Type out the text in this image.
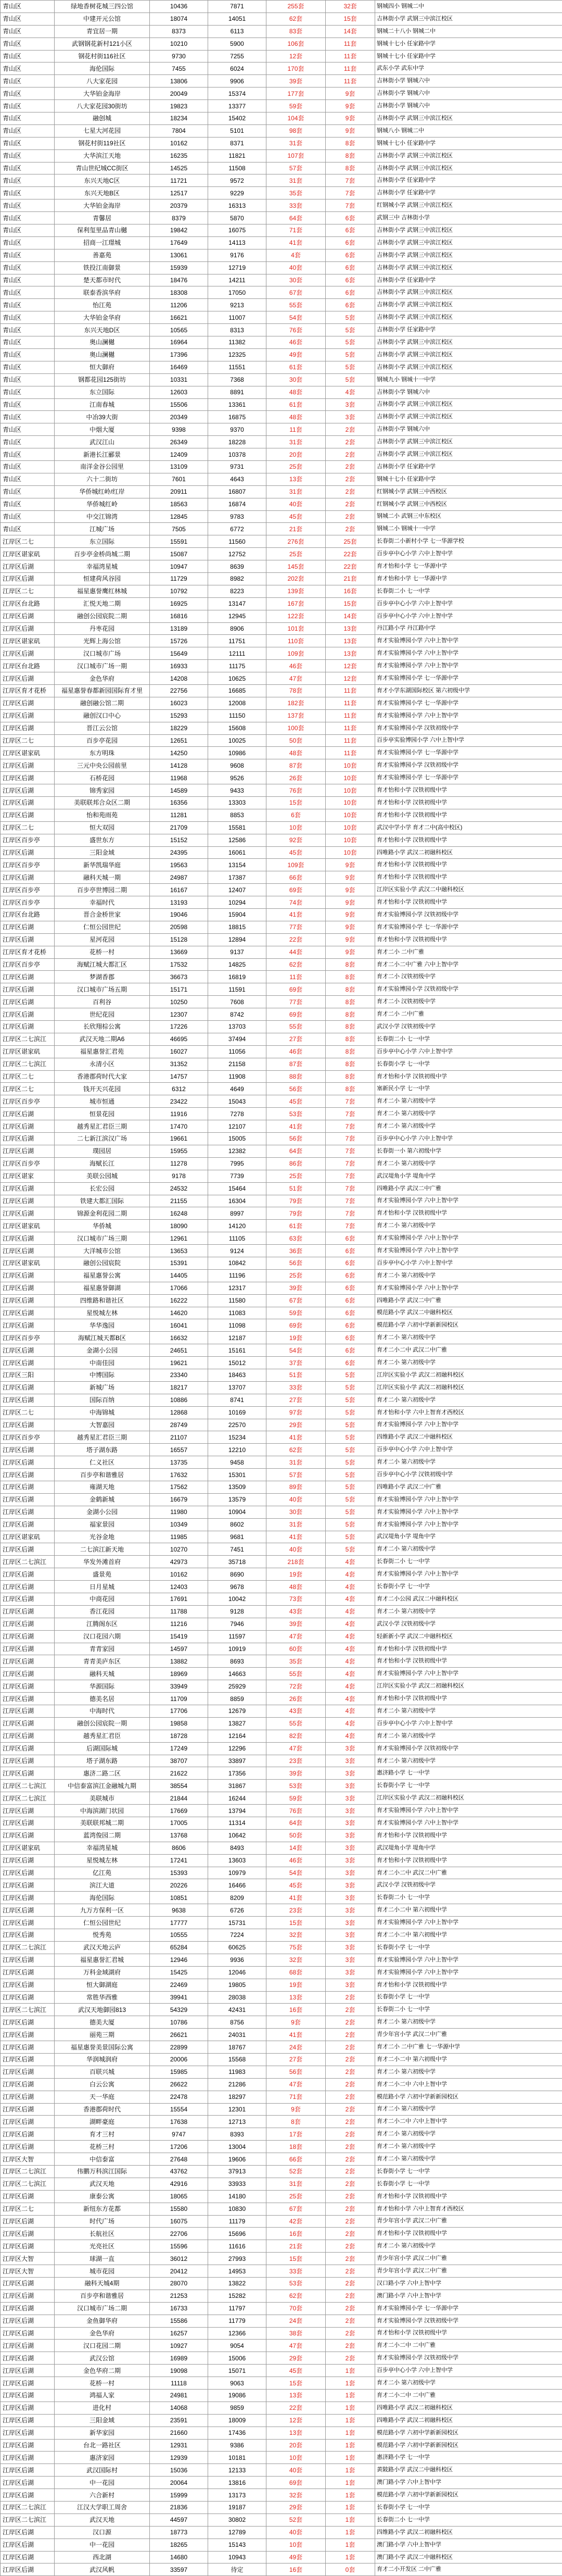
青山区	绿地香树花城三四公馆	10436	7871	255套	32套	钢城四小 钢城二中
青山区	中建开元公馆	18074	14051	62套	15套	吉林街小学 武钢三中滨江校区
青山区	青宜居一期	8373	6113	83套	14套	钢城二十八小 钢城二中
青山区	武钢钢花新村121小区	10210	5900	106套	11套	钢城十七小 任家路中学
青山区	钢花村街116社区	9730	7255	12套	11套	钢城十七小 任家路中学
青山区	海伦国际	7455	6024	170套	11套	武东小学 武东中学
青山区	八大家花园	13806	9906	39套	11套	吉林街小学 钢城六中
青山区	大华铂金海岸	20049	15374	177套	9套	吉林街小学 钢城六中
青山区	八大家花园30街坊	19823	13377	59套	9套	吉林街小学 钢城六中
青山区	融创城	18234	15402	104套	9套	吉林街小学 武钢三中滨江校区
青山区	七星大河花园	7804	5101	98套	9套	钢城八小 钢城二中
青山区	钢花村街119社区	10162	8371	31套	8套	钢城十七小 任家路中学
青山区	大华滨江天地	16235	11821	107套	8套	吉林街小学 武钢三中滨江校区
青山区	青山世纪城CC街区	14525	11508	57套	8套	吉林街小学 武钢三中滨江校区
青山区	东兴天地C区	11721	9572	31套	7套	吉林街小学 任家路中学
青山区	东兴天地B区	12517	9229	35套	7套	吉林街小学 任家路中学
青山区	大华铂金海岸	20379	16313	33套	7套	红钢城小学 武钢三中滨江校区
青山区	青馨居	8379	5870	64套	6套	武钢三中 吉林街小学
青山区	保利玺里品青山樾	19842	16075	71套	6套	吉林街小学 武钢三中滨江校区
青山区	招商一江璟城	17649	14113	41套	6套	吉林街小学 武钢三中滨江校区
青山区	善嘉苑	13061	9176	4套	6套	吉林街小学 武钢三中滨江校区
青山区	铁投江南御景	15939	12719	40套	6套	吉林街小学 武钢三中滨江校区
青山区	楚天都市时代	18476	14211	30套	6套	吉林街小学 任家路中学
青山区	联泰香滨华府	18308	17050	67套	6套	吉林街小学 武钢三中滨江校区
青山区	怡江苑	11206	9213	55套	6套	吉林街小学 武钢三中滨江校区
青山区	大华铂金华府	16621	11007	54套	5套	吉林街小学 武钢三中滨江校区
青山区	东兴天地D区	10565	8313	76套	5套	吉林街小学 任家路中学
青山区	奥山澜樾	16964	11382	46套	5套	吉林街小学 武钢三中滨江校区
青山区	奥山澜樾	17396	12325	49套	5套	吉林街小学 武钢三中滨江校区
青山区	恒大御府	16469	11551	61套	5套	吉林街小学 武钢三中滨江校区
青山区	钢都花园125街坊	10331	7368	30套	5套	钢城九小 钢城十一中学
青山区	东立国际	12603	8891	48套	4套	吉林街小学 钢城六中
青山区	江南春城	15506	13361	61套	3套	吉林街小学 武钢三中滨江校区
青山区	中冶39大街	20349	16875	48套	3套	吉林街小学 武钢三中滨江校区
青山区	中烟大厦	9398	9370	11套	2套	吉林街小学 钢城六中
青山区	武汉江山	26349	18228	31套	2套	吉林街小学 武钢三中滨江校区
青山区	新港长江郦景	12409	10378	20套	2套	吉林街小学 武钢三中滨江校区
青山区	南洋金谷公园里	13109	9731	25套	2套	吉林街小学 任家路中学
青山区	六十二街坊	7601	4643	13套	2套	钢城十七小 任家路中学
青山区	华侨城红岭/红岸	20911	16807	31套	2套	红钢城小学 武钢三中西校区
青山区	华侨城红岭	18563	16874	40套	2套	红钢城小学 武钢三中西校区
青山区	中交江锦湾	12845	9783	45套	2套	钢城二小 武钢三中东校区
青山区	江城广场	7505	6772	21套	2套	钢城二小 钢城十一中学
江岸区二七	东立国际	15591	11560	276套	25套	长春街二小新村小学 七一华源学校
江岸区谌家矶	百步亭金桥尚城二期	15087	12752	25套	22套	百步亭中心小学 六中上智中学
江岸区后湖	幸福湾星城	10947	8639	145套	22套	育才怡和小学 七一华源中学
江岸区后湖	恒建荷风谷园	11729	8982	202套	21套	育才怡和小学 七一华源中学
江岸区二七	福星惠誉鹰红林城	10792	8223	139套	16套	长春街二小 七一中学
江岸区台北路	汇悦天地二期	16925	13147	167套	15套	百步亭中心小学 六中上智中学
江岸区后湖	融创公园宸院二期	16816	12945	122套	14套	百步亭中心小学 六中上智中学
江岸区后湖	丹枣花园	13189	8906	101套	13套	丹江路小学 丹江路中学
江岸区谌家矶	光辉上海公馆	15726	11751	110套	13套	育才实验博园小学 六中上智中学
江岸区后湖	汉口城市广场	15649	12111	109套	13套	育才实验博园小学 六中上智中学
江岸区台北路	汉口城市广场一期	16933	11175	46套	12套	育才实验博园小学 六中上智中学
江岸区后湖	金色华府	14208	10625	47套	12套	育才实验博园小学 七一华源中学
江岸区育才花桥	福星惠誉春都新园国际育才里	22756	16685	78套	11套	育才小学东湖国际校区 第六初级中学
江岸区后湖	融创融公馆二期	16023	12008	182套	11套	育才实验博园小学 七一华源中学
江岸区后湖	融创汉口中心	15293	11150	137套	11套	育才实验博园小学 六中上智中学
江岸区后湖	晋江云公馆	18229	15608	100套	11套	育才实验博园小学 汉铁初级中学
江岸区二七	百步亭花园	12651	10025	50套	11套	百步亭实验博园小学 六中上智中学
江岸区谌家矶	东方明珠	14250	10986	48套	11套	育才实验博园小学 七一华源中学
江岸区后湖	三元中央公园前里	14128	9608	87套	10套	育才实验博园小学 汉铁初级中学
江岸区后湖	石桥花园	11968	9526	26套	10套	育才实验博园小学 七一华源中学
江岸区后湖	锦秀家园	14589	9433	76套	10套	育才怡和小学 汉铁初级中学
江岸区后湖	美联联邦合众区二期	16356	13303	15套	10套	育才怡和小学 汉铁初级中学
江岸区后湖	怡和苑雨苑	11281	8853	6套	10套	育才怡和小学 汉铁初级中学
江岸区二七	恒大双园	21709	15581	10套	10套	武汉中学小学 育才二中(高中校区)
江岸区百步亭	盛世东方	15152	12586	92套	10套	育才怡和小学 汉铁初级中学
江岸区后湖	三阳金域	24395	16061	45套	10套	四唯路小学 武汉二初融科校区
江岸区百步亭	新华凯瑞华庭	19563	13154	109套	9套	育才怡和小学 汉铁初级中学
江岸区后湖	融科天城一期	24987	17387	66套	9套	育才怡和小学 汉铁初级中学
江岸区百步亭	百步亭世博园二期	16167	12407	69套	9套	江岸区实验小学 武汉二中融科校区
江岸区百步亭	幸福时代	13193	10294	74套	9套	育才怡和小学 汉铁初级中学
江岸区台北路	晋合金桥世家	19046	15904	41套	9套	育才实验博园小学 汉铁初级中学
江岸区后湖	仁恒公园世纪	20598	18815	77套	9套	育才实验博园小学 七一华源中学
江岸区后湖	星河花园	15128	12894	22套	9套	育才怡和小学 汉铁初级中学
江岸区育才花桥	花桥一村	13669	9137	44套	9套	育才二小 二中广雅
江岸区百步亭	海赋江城大都汇区	17532	14825	62套	8套	育才二小二中广雅 六中上智中学
江岸区后湖	梦湖香郡	36673	16819	11套	8套	育才二小 汉铁初级中学
江岸区后湖	汉口城市广场五期	15171	11591	69套	8套	育才实验博园小学 汉铁初级中学
江岸区后湖	百利谷	10250	7608	77套	8套	育才二小 汉铁初级中学
江岸区后湖	世纪花园	12307	8742	69套	8套	育才二小 二中广雅
江岸区后湖	长欣翔棕公寓	17226	13703	55套	8套	武汉小学 汉铁初级中学
江岸区二七滨江	武汉天地二期A6	46695	37494	27套	8套	长春街二小 七一中学
江岸区谌家矶	福星惠誉汇君苑	16027	11056	46套	8套	百步亭中心小学 六中上智中学
江岸区二七滨江	永清小区	31352	21158	87套	8套	长春街小学 七一中学
江岸区二七	香港郡荷时代大家	14757	11908	88套	8套	育才怡和小学 汉铁初级中学
江岸区二七	钱开天兴花园	6312	4649	56套	8套	塞新民小学 七一中学
江岸区百步亭	城市恒通	23422	15043	45套	7套	育才二小 第六初级中学
江岸区后湖	恒景花园	11916	7278	53套	7套	育才二小 第六初级中学
江岸区后湖	越秀星汇君臣三期	17470	12107	41套	7套	育才二小 第六初级中学
江岸区后湖	二七新江滨汉广场	19661	15005	56套	7套	百步亭中心小学 六中上智中学
江岸区后湖	璞园居	15955	12382	64套	7套	长春街一小 第六初级中学
江岸区百步亭	海赋长江	11278	7995	86套	7套	育才二小 第六初级中学
江岸区谌家	美联公园城	9178	7739	25套	7套	武汉堤角小学 堤角中学
江岸区后湖	长宏公园	24532	15464	51套	7套	四唯路小学 武汉二中广雅
江岸区后湖	铁建大都汇国际	21155	16304	79套	7套	育才实验博园小学 六中上智中学
江岸区后湖	锦源金利花园二期	16248	8997	79套	7套	育才怡和小学 汉铁初级中学
江岸区谌家矶	华侨城	18090	14120	61套	7套	育才二小 第六初级中学
江岸区后湖	汉口城市广场三期	12961	11105	63套	6套	育才实验博园小学 六中上智中学
江岸区后湖	大洋城市公馆	13653	9124	36套	6套	育才实验博园小学 六中上智中学
江岸区谌家矶	融创公园宸院	15391	10842	56套	6套	百步亭中心小学 六中上智中学
江岸区后湖	福星惠誉公寓	14405	11196	25套	6套	育才二小 第六初级中学
江岸区后湖	福星惠誉御湖	17066	12317	39套	6套	育才实验博园小学 六中上智中学
江岸区后湖	四维路和谐社区	16222	11580	67套	6套	四唯路小学 武汉二中广雅
江岸区后湖	星悦城左林	14620	11083	59套	6套	模范路小学 武汉二中融科校区
江岸区后湖	华华逸园	16041	11098	69套	6套	模范路小学 六初中学新新园校区
江岸区百步亭	海赋江城天都B区	16632	12187	19套	6套	育才二小 第六初级中学
江岸区后湖	金湖小公园	24651	15161	54套	6套	育才二小二中 武汉二中广雅
江岸区后湖	中南佳园	19621	15012	37套	6套	育才二小 第六初级中学
江岸区三阳	中博国际	23340	18463	51套	5套	江岸区实验小学 武汉二初融科校区
江岸区后湖	新城广场	18217	13707	33套	5套	江岸区实验小学 武汉二初融科校区
江岸区后湖	国际百纳	10886	8741	27套	5套	育才二小 第六初级中学
江岸区二七	中海锦城	12868	10169	97套	5套	育才怡和小学 六中上智育才西校区
江岸区后湖	大智嘉园	28749	22570	29套	5套	育才实验博园小学 六中上智中学
江岸区百步亭	越秀星汇君臣三期	21107	15234	41套	5套	四维路小学 武汉二中融科校区
江岸区后湖	塔子湖东路	16557	12210	62套	5套	百步亭中心小学 六中上智中学
江岸区后湖	仁义社区	13735	9458	31套	5套	育才二小 第六初级中学
江岸区后湖	百步亭和谐雅居	17632	15301	57套	5套	百步亭中心小学 汉铁初级中学
江岸区后湖	雍湖天地	17562	13509	89套	5套	四唯路小学 武汉二中广雅
江岸区后湖	金鹤新城	16679	13579	40套	5套	育才实验博园小学 六中上智中学
江岸区后湖	金湖小公园	11980	10904	30套	5套	育才实验博园小学 六中上智中学
江岸区后湖	福家景园	10349	8602	31套	5套	育才实验博园小学 六中上智中学
江岸区谌家矶	光谷金地	11985	9681	41套	5套	武汉堤角小学 堤角中学
江岸区后湖	二七滨江新天地	10270	7451	40套	5套	育才二小 第六初级中学
江岸区二七滨江	华发外滩首府	42973	35718	218套	4套	长春街二小 七一中学
江岸区后湖	盛景苑	10162	8690	19套	4套	育才实验博园小学 六中上智中学
江岸区后湖	日月星城	12403	9678	48套	4套	长春街小学 七一中学
江岸区后湖	中商花园	17691	10042	73套	4套	育才二小公园 武汉二中融科校区
江岸区后湖	香江花园	11788	9128	43套	4套	育才二小 第六初级中学
江岸区后湖	江腾阁东区	11216	7946	39套	4套	武汉小学 汉铁初级中学
江岸区后湖	汉口花园六期	15419	11597	47套	4套	轻新新小学 武汉二中融科校区
江岸区后湖	青青家园	14597	10919	60套	4套	育才怡和小学 汉铁初级中学
江岸区后湖	青青美庐东区	13882	8693	35套	4套	育才怡和小学 汉铁初级中学
江岸区后湖	融科天城	18969	14663	55套	4套	育才实验博园小学 六中上智中学
江岸区后湖	华源国际	33949	25929	72套	4套	江岸区实验小学 武汉二初融科校区
江岸区后湖	德美名居	11709	8859	26套	4套	育才怡和小学 汉铁初级中学
江岸区后湖	中海时代	17706	12679	43套	4套	育才二小 第六初级中学
江岸区后湖	融创公园宸院一期	19858	13827	55套	4套	百步亭中心小学 六中上智中学
江岸区后湖	越秀星汇君臣	18728	12164	82套	4套	育才二小 第六初级中学
江岸区后湖	后湖国际城	17249	12296	47套	3套	育才实验博园小学 汉铁初级中学
江岸区后湖	塔子湖东路	38707	33897	23套	3套	育才二小 第六初级中学
江岸区后湖	惠济二路二区	21622	17356	39套	3套	惠济路小学 七一中学
江岸区二七滨江	中信泰富滨江金融城九期	38554	31867	53套	3套	长春街小学 七一中学
江岸区二七滨江	美联城市	21844	16244	59套	3套	江岸区实验小学 武汉二初融科校区
江岸区后湖	中海滨湖门状园	17669	13794	76套	3套	育才实验博园小学 六中上智中学
江岸区后湖	美联联邦城二期	17005	11314	64套	3套	育才实验博园小学 六中上智中学
江岸区后湖	蓝湾俊园二期	13768	10642	50套	3套	育才怡和小学 汉铁初级中学
江岸区谌家矶	幸福湾星城	8606	8493	14套	3套	武汉堤角小学 堤角中学
江岸区后湖	星悦城左林	17241	13603	46套	3套	育才怡和小学 汉铁初级中学
江岸区后湖	亿江苑	15393	10979	54套	3套	育才二小二中 武汉二中广雅
江岸区后湖	滨江大道	20226	16466	45套	3套	武汉小学 汉铁初级中学
江岸区后湖	海伦国际	10851	8209	41套	3套	长春街二小 七一中学
江岸区后湖	九万方保利一区	9638	6726	23套	3套	育才二小二中 第六初级中学
江岸区后湖	仁恒公园世纪	17777	15731	15套	3套	育才实验博园小学 六中上智中学
江岸区后湖	悦秀苑	10555	7224	32套	3套	育才二小二中 第六初级中学
江岸区二七滨江	武汉天地云庐	65284	60625	75套	3套	长春街小学 七一中学
江岸区后湖	福星惠誉汇君城	12946	9936	32套	3套	育才实验博园小学 六中上智中学
江岸区后湖	万科金域湖府	15425	12046	68套	3套	育才实验博园小学 六中上智中学
江岸区后湖	恒大御湖庭	22469	19805	19套	3套	育才怡和小学 汉铁初级中学
江岸区后湖	常胜华西雅	39941	28038	13套	2套	长春街小学 七一中学
江岸区二七滨江	武汉天地御园813	54329	42431	16套	2套	长春街二小 七一中学
江岸区后湖	德美大厦	10786	8756	9套	2套	育才二小 第六初级中学
江岸区后湖	丽苑三期	26621	24031	41套	2套	青少年宫小学 武汉二中广雅
江岸区后湖	福星惠誉美景国际公寓	22899	18767	24套	2套	育才二小 二中广雅 七一华源中学
江岸区后湖	华润城润府	20006	15568	27套	2套	育才二小二中 第六初级中学
江岸区后湖	百联兴城	15985	11983	56套	2套	育才二小 第六初级中学
江岸区后湖	白云公寓	26622	21286	47套	2套	育才二小二中 六中上智中学
江岸区后湖	天一华庭	22478	18297	71套	2套	模范路小学 六初中学新新园校区
江岸区后湖	香港郡荷时代	15554	12301	9套	2套	育才二小 第六初级中学
江岸区后湖	湖畔豪庭	17638	12713	8套	2套	育才二小二中 六中上智中学
江岸区后湖	育才三村	9747	8393	17套	2套	育才二小 第六初级中学
江岸区后湖	花桥三村	17206	13004	18套	2套	育才二小 第六初级中学
江岸区大智	中信泰富	27648	19606	66套	2套	育才二小 第六初级中学
江岸区二七滨江	伟鹏万科滨江国际	43762	37913	52套	2套	长春街小学 七一中学
江岸区二七滨江	武汉天地	42916	33933	31套	2套	长春街小学 七一中学
江岸区后湖	康泰公寓	18065	14180	25套	2套	育才怡和小学 汉铁初级中学
江岸区二七	新纽东方花都	15580	10830	67套	2套	育才怡和小学 六中上智育才西校区
江岸区后湖	时代广场	16075	11179	42套	2套	青少年宫小学 武汉二中广雅
江岸区后湖	长航社区	22706	15696	16套	2套	育才怡和小学 汉铁初级中学
江岸区后湖	光亮社区	15596	11616	21套	2套	育才二小 第六初级中学
江岸区大智	球湖一直	36012	27993	15套	2套	青少年宫小学 武汉二中广雅
江岸区大智	城市花园	20412	14953	33套	2套	青少年宫小学 武汉二中广雅
江岸区后湖	融科天城4期	28070	13822	53套	2套	汉口路小学 六中上智中学
江岸区后湖	百步亭和谐雅居	21253	15282	62套	2套	澳门路小学 六中上智中学
江岸区后湖	汉口城市广场二期	16733	11797	70套	2套	育才实验博园小学 七一华源中学
江岸区后湖	金鱼御华府	15586	11779	24套	2套	育才实验博园小学 汉铁初级中学
江岸区后湖	金色华府	16257	12366	38套	2套	育才怡和小学 汉铁初级中学
江岸区后湖	汉口花园二期	10927	9054	47套	2套	育才二小二中 二中广雅
江岸区后湖	武汉公馆	16989	15006	29套	2套	育才实验博园小学 汉铁初级中学
江岸区后湖	金色华府二期	19098	15071	45套	1套	百步亭中心小学 六中上智中学
江岸区后湖	花桥一村	11118	9063	15套	1套	育才二小 第六初级中学
江岸区后湖	鸿福人家	24981	19086	13套	1套	育才二小二中 二中广雅
江岸区后湖	进化村	14068	9859	22套	1套	四唯路小学 武汉二初融科校区
江岸区后湖	三阳金域	23591	18009	12套	1套	四唯路小学 武汉二初融科校区
江岸区后湖	新华家园	21660	17436	13套	1套	模范路小学 六初中学新新园校区
江岸区后湖	台北一路社区	12931	9386	20套	1套	模范路小学 六初中学新新园校区
江岸区后湖	惠济家园	12939	10181	10套	1套	惠济路小学 七一中学
江岸区后湖	武汉国际村	15036	12133	40套	1套	黄陂路小学 武汉二中融科校区
江岸区后湖	中一花园	20064	13816	69套	1套	澳门路小学 六中上智中学
江岸区后湖	六合新村	15999	13173	32套	1套	模范路小学 六初中学新新园校区
江岸区二七滨江	江汉大学职工周舍	21836	19187	29套	1套	长春街小学 七一中学
江岸区二七滨江	武汉天地	44597	30802	52套	1套	长春街二小 七一中学
江岸区后湖	汉口源	18773	12789	40套	1套	四维路小学 武汉二初融科校区
江岸区后湖	中一花园	18265	15143	10套	1套	澳门路小学 六中上智中学
江岸区后湖	西北湖	14680	10943	49套	1套	澳门路小学 武汉二中融科校区
江岸区后湖	武汉风帆	33597	待定	16套	0套	育才二小开发区 二中广雅
